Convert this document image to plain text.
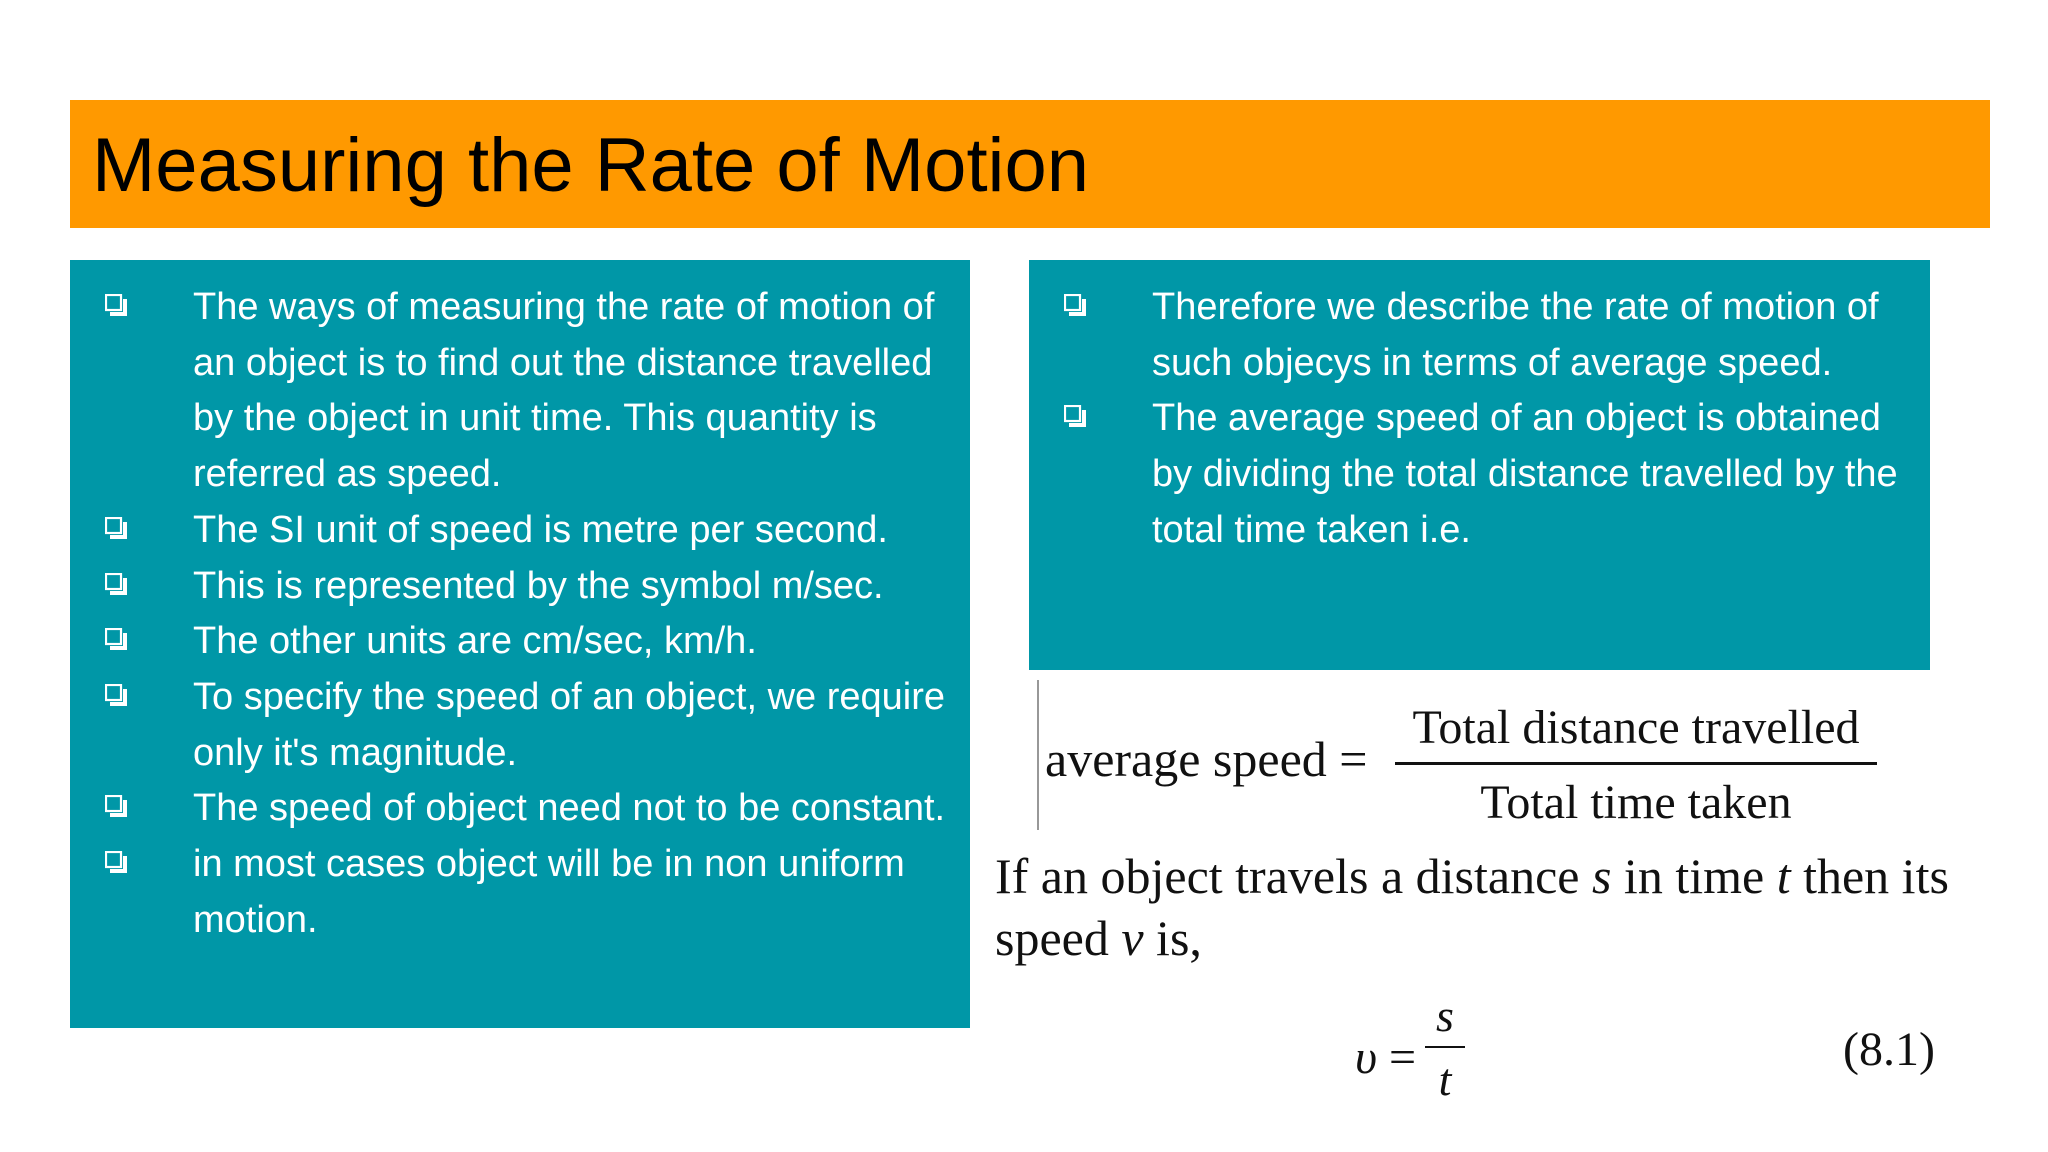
Measuring the Rate of Motion
The ways of measuring the rate of motion of an object is to find out the distance travelled by the object in unit time. This quantity is referred as speed.
The SI unit of speed is metre per second.
This is represented by the symbol m/sec.
The other units are cm/sec, km/h.
To specify the speed of an object, we require only it's magnitude.
The speed of object need not to be constant.
in most cases object will be in non uniform motion.
Therefore we describe the rate of motion of such objecys in terms of average speed.
The average speed of an object is obtained by dividing the total distance travelled by the total time taken i.e.
average speed =
Total distance travelled
Total time taken
If an object travels a distance s in time t then its speed v is,
υ =
s
t
(8.1)
